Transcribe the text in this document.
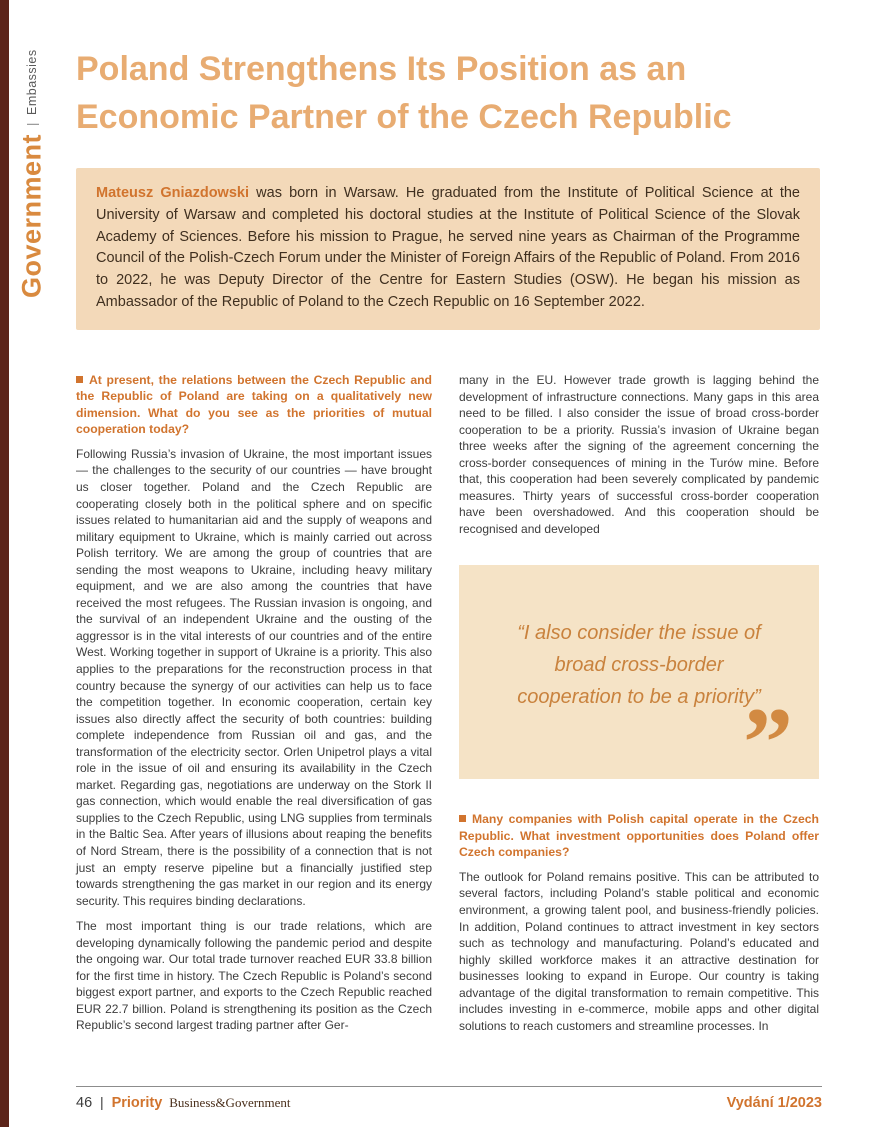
Government
|
Embassies Poland Strengthens Its Position as an Economic Partner of the Czech Republic
Mateusz Gniazdowski was born in Warsaw. He graduated from the Institute of Political Science at the University of Warsaw and completed his doctoral studies at the Institute of Political Science of the Slovak Academy of Sciences. Before his mission to Prague, he served nine years as Chairman of the Programme Council of the Polish-Czech Forum under the Minister of Foreign Affairs of the Republic of Poland. From 2016 to 2022, he was Deputy Director of the Centre for Eastern Studies (OSW). He began his mission as Ambassador of the Republic of Poland to the Czech Republic on 16 September 2022.
At present, the relations between the Czech Republic and the Republic of Poland are taking on a qualitatively new dimension. What do you see as the priorities of mutual cooperation today?

Following Russia’s invasion of Ukraine, the most important issues — the challenges to the security of our countries — have brought us closer together. Poland and the Czech Republic are cooperating closely both in the political sphere and on specific issues related to humanitarian aid and the supply of weapons and military equipment to Ukraine, which is mainly carried out across Polish territory. We are among the group of countries that are sending the most weapons to Ukraine, including heavy military equipment, and we are also among the countries that have received the most refugees. The Russian invasion is ongoing, and the survival of an independent Ukraine and the ousting of the aggressor is in the vital interests of our countries and of the entire West. Working together in support of Ukraine is a priority. This also applies to the preparations for the reconstruction process in that country because the synergy of our activities can help us to face the competition together. In economic cooperation, certain key issues also directly affect the security of both countries: building complete independence from Russian oil and gas, and the transformation of the electricity sector. Orlen Unipetrol plays a vital role in the issue of oil and ensuring its availability in the Czech market. Regarding gas, negotiations are underway on the Stork II gas connection, which would enable the real diversification of gas supplies to the Czech Republic, using LNG supplies from terminals in the Baltic Sea. After years of illusions about reaping the benefits of Nord Stream, there is the possibility of a connection that is not just an empty reserve pipeline but a financially justified step towards strengthening the gas market in our region and its energy security. This requires binding declarations.

The most important thing is our trade relations, which are developing dynamically following the pandemic period and despite the ongoing war. Our total trade turnover reached EUR 33.8 billion for the first time in history. The Czech Republic is Poland’s second biggest export partner, and exports to the Czech Republic reached EUR 22.7 billion. Poland is strengthening its position as the Czech Republic’s second largest trading partner after Ger-

many in the EU. However trade growth is lagging behind the development of infrastructure connections. Many gaps in this area need to be filled. I also consider the issue of broad cross-border cooperation to be a priority. Russia’s invasion of Ukraine began three weeks after the signing of the agreement concerning the cross-border consequences of mining in the Turów mine. Before that, this cooperation had been severely complicated by pandemic measures. Thirty years of successful cross-border cooperation have been overshadowed. And this cooperation should be recognised and developed

“I also consider the issue of broad cross-border cooperation to be a priority”
”
Many companies with Polish capital operate in the Czech Republic. What investment opportunities does Poland offer Czech companies?

The outlook for Poland remains positive. This can be attributed to several factors, including Poland’s stable political and economic environment, a growing talent pool, and business-friendly policies. In addition, Poland continues to attract investment in key sectors such as technology and manufacturing. Poland’s educated and highly skilled workforce makes it an attractive destination for businesses looking to expand in Europe. Our country is taking advantage of the digital transformation to remain competitive. This includes investing in e-commerce, mobile apps and other digital solutions to reach customers and streamline processes. In

46 | Priority Business&Government	Vydání 1/2023
